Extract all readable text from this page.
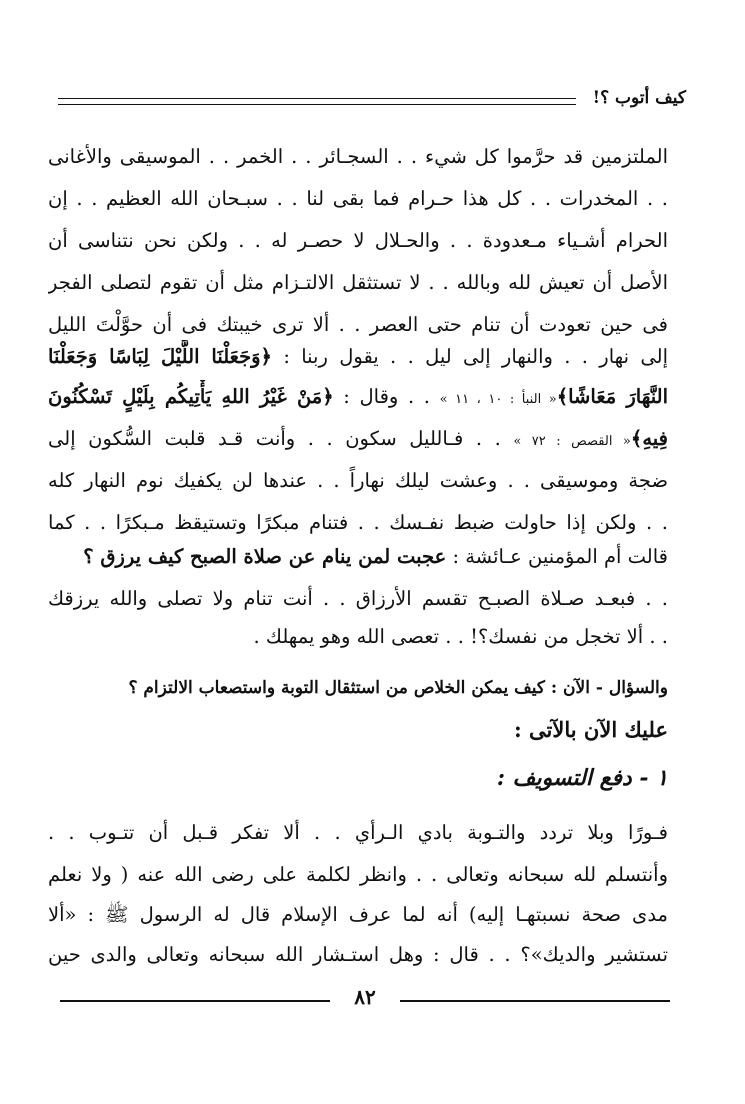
كيف أتوب ؟!
الملتزمين قد حرَّموا كل شيء . . السجـائر . . الخمر . . الموسيقى والأغانى
. . المخدرات . . كل هذا حـرام فما بقى لنا . . سبـحان الله العظيم . . إن
الحرام أشـياء مـعدودة . . والحـلال لا حصـر له . . ولكن نحن نتناسى أن
الأصل أن تعيش لله وبالله . . لا تستثقل الالتـزام مثل أن تقوم لتصلى الفجر
فى حين تعودت أن تنام حتى العصر . . ألا ترى خيبتك فى أن حوَّلْتَ الليل
إلى نهار . . والنهار إلى ليل . . يقول ربنا : ﴿وَجَعَلْنَا اللَّيْلَ لِبَاسًا وَجَعَلْنَا
النَّهَارَ مَعَاشًا﴾« النبأ : ١٠ ، ١١ » . . وقال : ﴿مَنْ غَيْرُ اللهِ يَأْتِيكُم بِلَيْلٍ تَسْكُنُونَ
فِيهِ﴾« القصص : ٧٢ » . . فـالليل سكون . . وأنت قـد قلبت السُّكون إلى
ضجة وموسيقى . . وعشت ليلك نهاراً . . عندها لن يكفيك نوم النهار كله
. . ولكن إذا حاولت ضبط نفـسك . . فتنام مبكرًا وتستيقظ مـبكرًا . . كما
قالت أم المؤمنين عـائشة : عجبت لمن ينام عن صلاة الصبح كيف يرزق ؟
. . فبعـد صـلاة الصبـح تقسم الأرزاق . . أنت تنام ولا تصلى والله يرزقك
. . ألا تخجل من نفسك؟! . . تعصى الله وهو يمهلك .
والسؤال - الآن : كيف يمكن الخلاص من استثقال التوبة واستصعاب الالتزام ؟
عليك الآن بالآتى :
١ - دفع التسويف :
فـورًا وبلا تردد والتـوبة بادي الـرأي . . ألا تفكر قـبل أن تتـوب . .
وأنتسلم لله سبحانه وتعالى . . وانظر لكلمة على رضى الله عنه ( ولا نعلم
مدى صحة نسبتهـا إليه) أنه لما عرف الإسلام قال له الرسول ﷺ : «ألا
تستشير والديك»؟ . . قال : وهل استـشار الله سبحانه وتعالى والدى حين
٨٢
